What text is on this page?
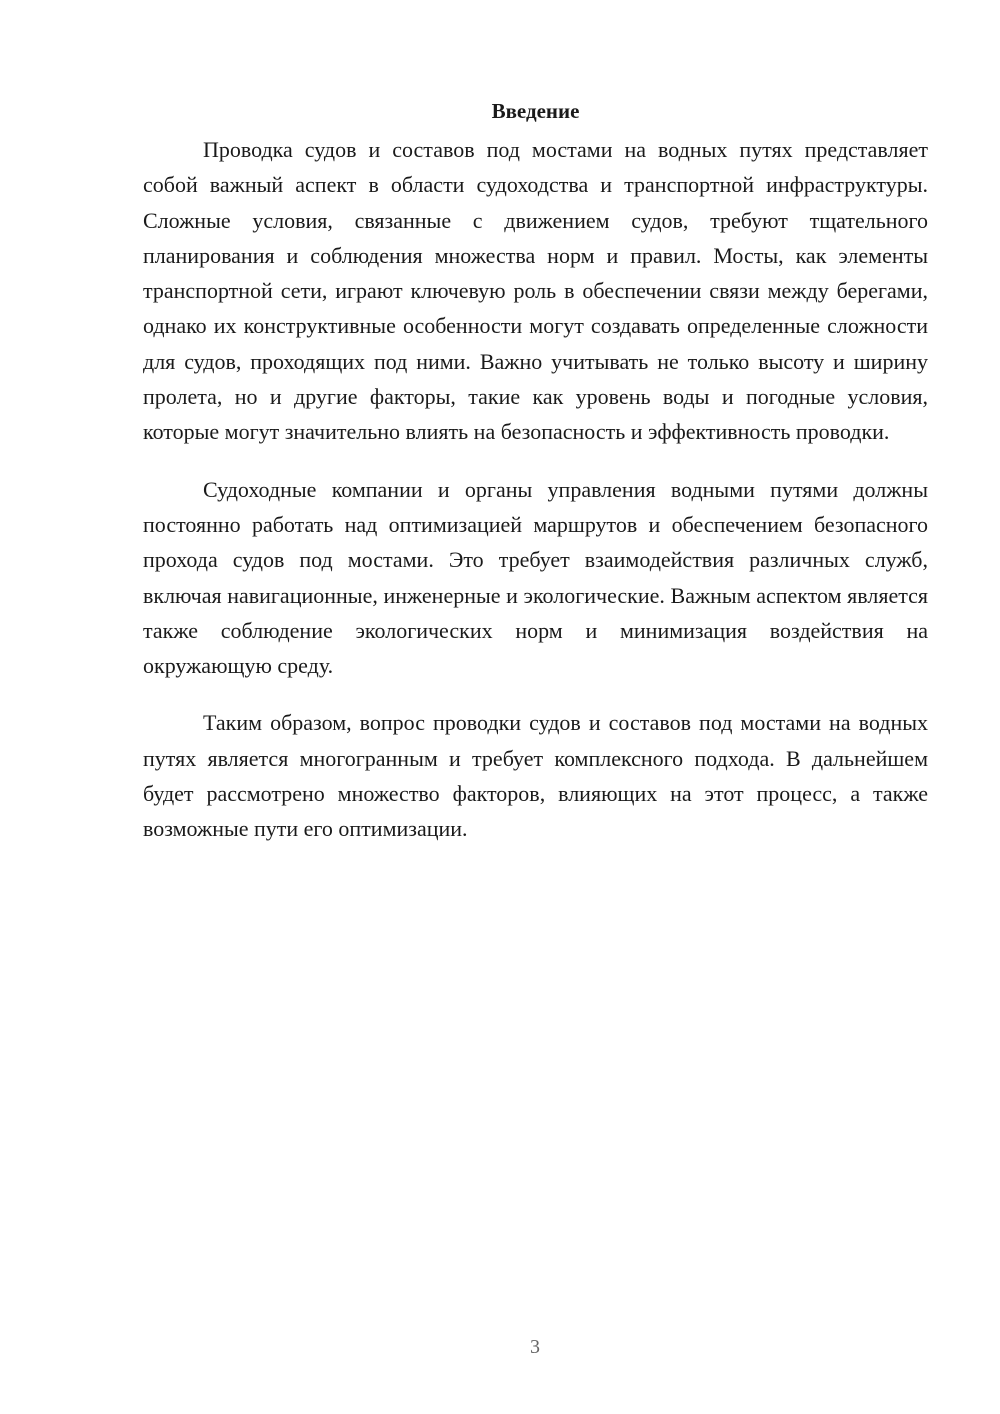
Введение

Проводка судов и составов под мостами на водных путях представляет собой важный аспект в области судоходства и транспортной инфраструктуры. Сложные условия, связанные с движением судов, требуют тщательного планирования и соблюдения множества норм и правил. Мосты, как элементы транспортной сети, играют ключевую роль в обеспечении связи между берегами, однако их конструктивные особенности могут создавать определенные сложности для судов, проходящих под ними. Важно учитывать не только высоту и ширину пролета, но и другие факторы, такие как уровень воды и погодные условия, которые могут значительно влиять на безопасность и эффективность проводки.

Судоходные компании и органы управления водными путями должны постоянно работать над оптимизацией маршрутов и обеспечением безопасного прохода судов под мостами. Это требует взаимодействия различных служб, включая навигационные, инженерные и экологические. Важным аспектом является также соблюдение экологических норм и минимизация воздействия на окружающую среду.

Таким образом, вопрос проводки судов и составов под мостами на водных путях является многогранным и требует комплексного подхода. В дальнейшем будет рассмотрено множество факторов, влияющих на этот процесс, а также возможные пути его оптимизации.

3
